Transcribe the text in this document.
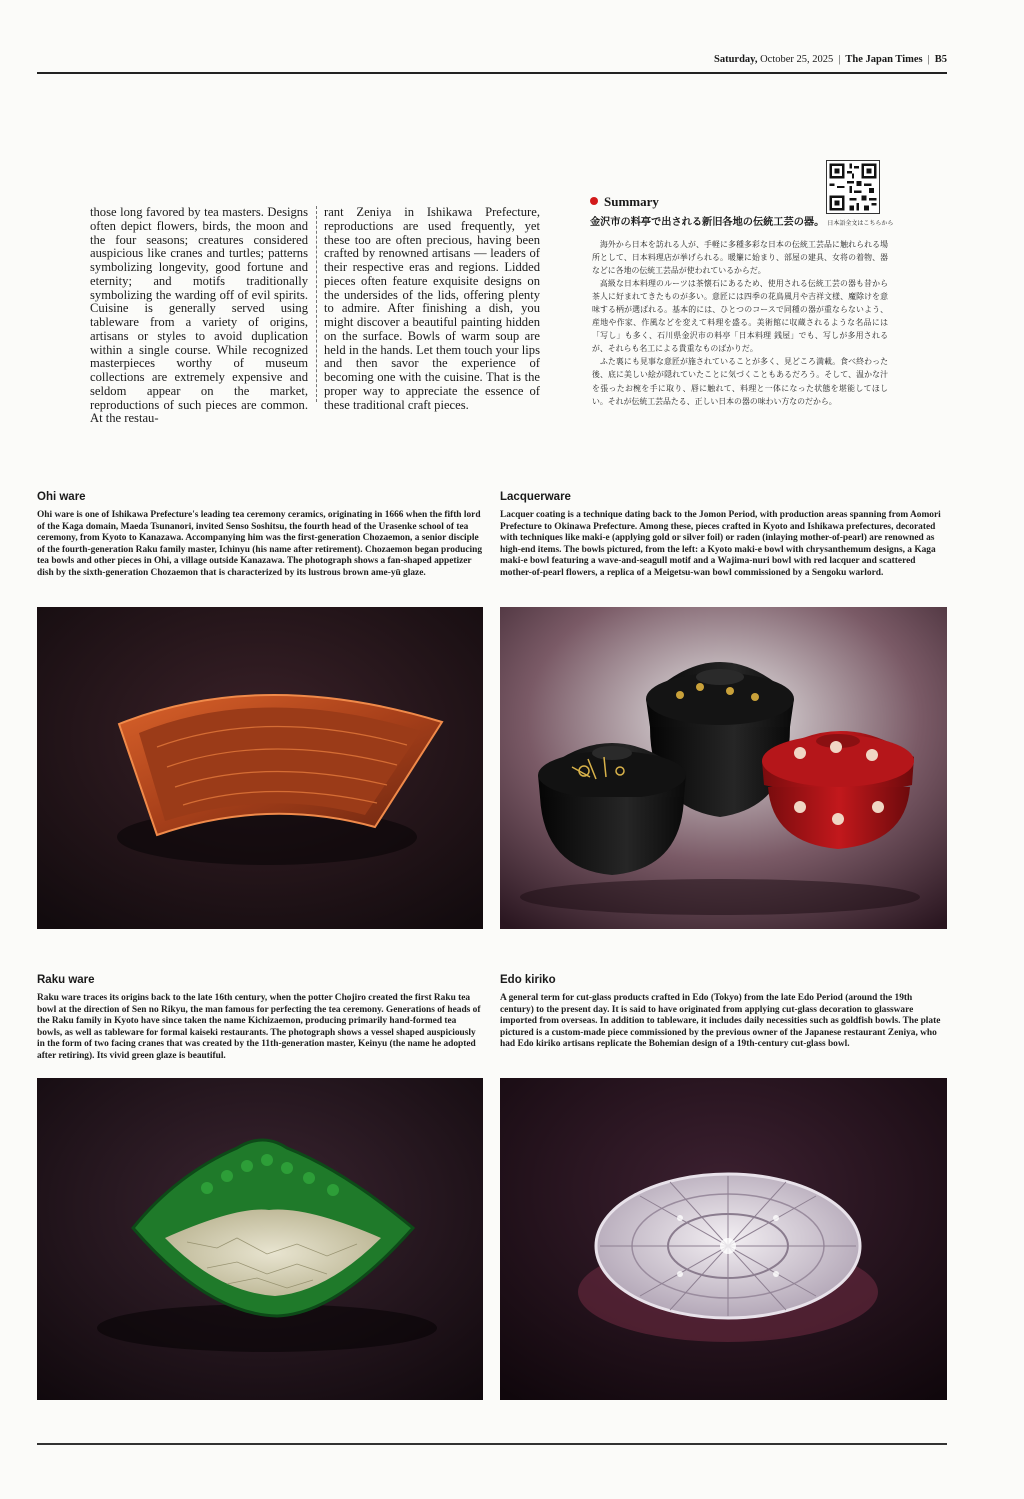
Saturday, October 25, 2025 | The Japan Times | B5
those long favored by tea masters. Designs often depict flowers, birds, the moon and the four seasons; creatures considered auspicious like cranes and turtles; patterns symbolizing longevity, good fortune and eternity; and motifs traditionally symbolizing the warding off of evil spirits. Cuisine is generally served using tableware from a variety of origins, artisans or styles to avoid duplication within a single course. While recognized masterpieces worthy of museum collections are extremely expensive and seldom appear on the market, reproductions of such pieces are common. At the restau-
rant Zeniya in Ishikawa Prefecture, reproductions are used frequently, yet these too are often precious, having been crafted by renowned artisans — leaders of their respective eras and regions. Lidded pieces often feature exquisite designs on the undersides of the lids, offering plenty to admire. After finishing a dish, you might discover a beautiful painting hidden on the surface. Bowls of warm soup are held in the hands. Let them touch your lips and then savor the experience of becoming one with the cuisine. That is the proper way to appreciate the essence of these traditional craft pieces.
Summary
金沢市の料亭で出される新旧各地の伝統工芸の器。 日本語全文はこちらから

海外から日本を訪れる人が、手軽に多種多彩な日本の伝統工芸品に触れられる場所として、日本料理店が挙げられる。暖簾に始まり、部屋の建具、女将の着物、器などに各地の伝統工芸品が使われているからだ。

高級な日本料理のルーツは茶懐石にあるため、使用される伝統工芸の器も昔から茶人に好まれてきたものが多い。意匠には四季の花鳥風月や吉祥文様、魔除けを意味する柄が選ばれる。基本的には、ひとつのコースで同種の器が重ならないよう、産地や作家、作風などを変えて料理を盛る。美術館に収蔵されるような名品には「写し」も多く、石川県金沢市の料亭「日本料理 銭屋」でも、写しが多用されるが、それらも名工による貴重なものばかりだ。

ふた裏にも見事な意匠が施されていることが多く、見どころ満載。食べ終わった後、底に美しい絵が隠れていたことに気づくこともあるだろう。そして、温かな汁を張ったお椀を手に取り、唇に触れて、料理と一体になった状態を堪能してほしい。それが伝統工芸品たる、正しい日本の器の味わい方なのだから。

Ohi ware
Ohi ware is one of Ishikawa Prefecture's leading tea ceremony ceramics, originating in 1666 when the fifth lord of the Kaga domain, Maeda Tsunanori, invited Senso Soshitsu, the fourth head of the Urasenke school of tea ceremony, from Kyoto to Kanazawa. Accompanying him was the first-generation Chozaemon, a senior disciple of the fourth-generation Raku family master, Ichinyu (his name after retirement). Chozaemon began producing tea bowls and other pieces in Ohi, a village outside Kanazawa. The photograph shows a fan-shaped appetizer dish by the sixth-generation Chozaemon that is characterized by its lustrous brown ame-yū glaze.
Lacquerware
Lacquer coating is a technique dating back to the Jomon Period, with production areas spanning from Aomori Prefecture to Okinawa Prefecture. Among these, pieces crafted in Kyoto and Ishikawa prefectures, decorated with techniques like maki-e (applying gold or silver foil) or raden (inlaying mother-of-pearl) are renowned as high-end items. The bowls pictured, from the left: a Kyoto maki-e bowl with chrysanthemum designs, a Kaga maki-e bowl featuring a wave-and-seagull motif and a Wajima-nuri bowl with red lacquer and scattered mother-of-pearl flowers, a replica of a Meigetsu-wan bowl commissioned by a Sengoku warlord.
Raku ware
Raku ware traces its origins back to the late 16th century, when the potter Chojiro created the first Raku tea bowl at the direction of Sen no Rikyu, the man famous for perfecting the tea ceremony. Generations of heads of the Raku family in Kyoto have since taken the name Kichizaemon, producing primarily hand-formed tea bowls, as well as tableware for formal kaiseki restaurants. The photograph shows a vessel shaped auspiciously in the form of two facing cranes that was created by the 11th-generation master, Keinyu (the name he adopted after retiring). Its vivid green glaze is beautiful.
Edo kiriko
A general term for cut-glass products crafted in Edo (Tokyo) from the late Edo Period (around the 19th century) to the present day. It is said to have originated from applying cut-glass decoration to glassware imported from overseas. In addition to tableware, it includes daily necessities such as goldfish bowls. The plate pictured is a custom-made piece commissioned by the previous owner of the Japanese restaurant Zeniya, who had Edo kiriko artisans replicate the Bohemian design of a 19th-century cut-glass bowl.
